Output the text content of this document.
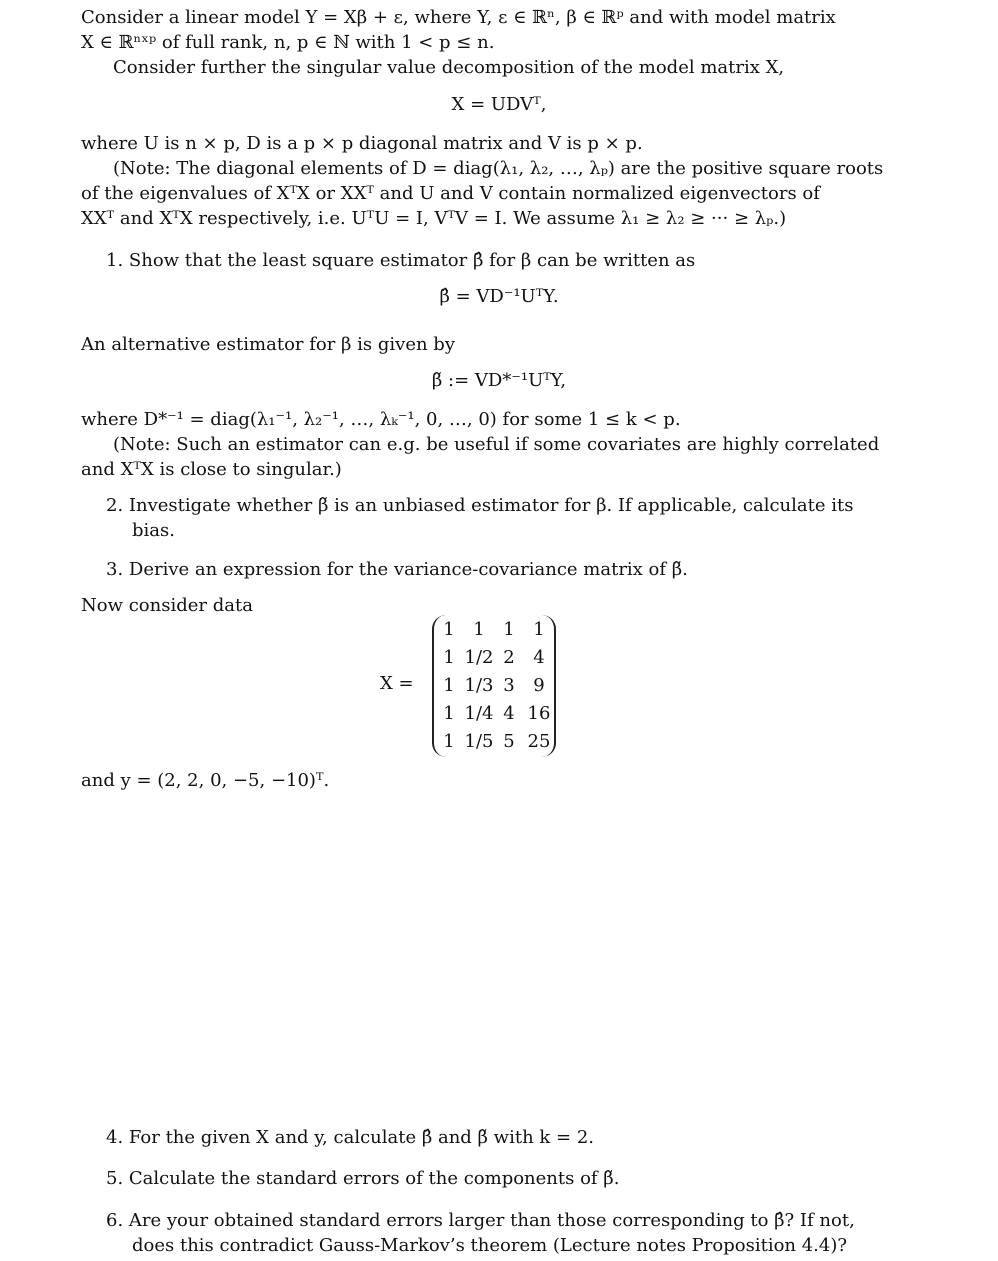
Consider a linear model Y = Xβ + ε, where Y, ε ∈ ℝⁿ, β ∈ ℝᵖ and with model matrix
X ∈ ℝⁿˣᵖ of full rank, n, p ∈ ℕ with 1 < p ≤ n.
Consider further the singular value decomposition of the model matrix X,
X = UDVᵀ,
where U is n × p, D is a p × p diagonal matrix and V is p × p.
(Note: The diagonal elements of D = diag(λ₁, λ₂, …, λₚ) are the positive square roots
of the eigenvalues of XᵀX or XXᵀ and U and V contain normalized eigenvectors of
XXᵀ and XᵀX respectively, i.e. UᵀU = I, VᵀV = I. We assume λ₁ ≥ λ₂ ≥ ··· ≥ λₚ.)
1. Show that the least square estimator β̂ for β can be written as
β̂ = VD⁻¹UᵀY.
An alternative estimator for β is given by
β̃ := VD*⁻¹UᵀY,
where D*⁻¹ = diag(λ₁⁻¹, λ₂⁻¹, …, λₖ⁻¹, 0, …, 0) for some 1 ≤ k < p.
(Note: Such an estimator can e.g. be useful if some covariates are highly correlated
and XᵀX is close to singular.)
2. Investigate whether β̃ is an unbiased estimator for β. If applicable, calculate its
bias.
3. Derive an expression for the variance-covariance matrix of β̃.
Now consider data
X =
1	1	1	1
1 1/2 2	4
1 1/3 3	9
1 1/4 4 16
1 1/5 5 25
and y = (2, 2, 0, −5, −10)ᵀ.
4. For the given X and y, calculate β̂ and β̃ with k = 2.
5. Calculate the standard errors of the components of β̃.
6. Are your obtained standard errors larger than those corresponding to β̂? If not,
does this contradict Gauss-Markov’s theorem (Lecture notes Proposition 4.4)?
